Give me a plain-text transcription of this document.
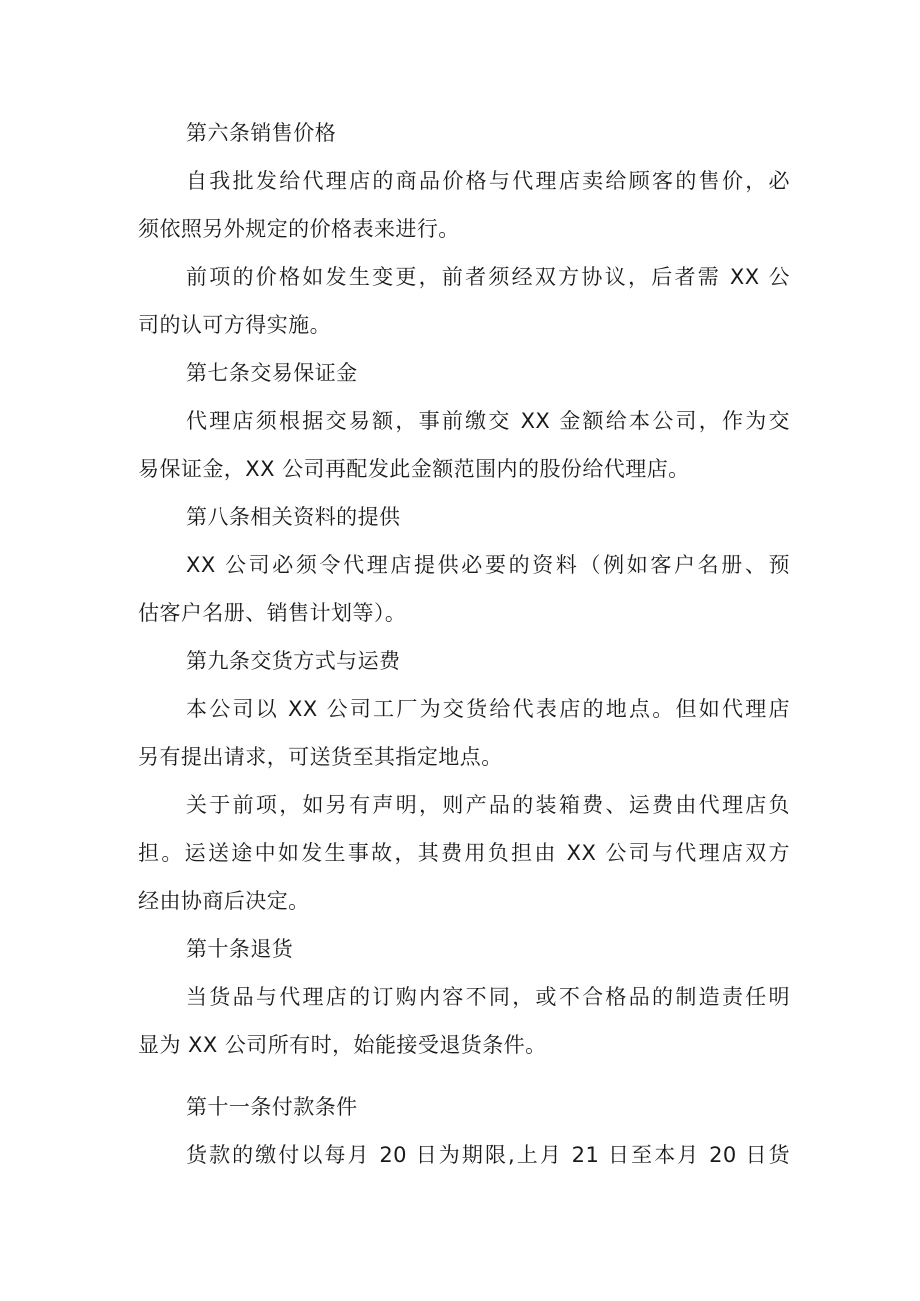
第六条销售价格
自我批发给代理店的商品价格与代理店卖给顾客的售价，必
须依照另外规定的价格表来进行。
前项的价格如发生变更，前者须经双方协议，后者需 XX 公
司的认可方得实施。
第七条交易保证金
代理店须根据交易额，事前缴交 XX 金额给本公司，作为交
易保证金，XX 公司再配发此金额范围内的股份给代理店。
第八条相关资料的提供
XX 公司必须令代理店提供必要的资料（例如客户名册、预
估客户名册、销售计划等）。
第九条交货方式与运费
本公司以 XX 公司工厂为交货给代表店的地点。但如代理店
另有提出请求，可送货至其指定地点。
关于前项，如另有声明，则产品的装箱费、运费由代理店负
担。运送途中如发生事故，其费用负担由 XX 公司与代理店双方
经由协商后决定。
第十条退货
当货品与代理店的订购内容不同，或不合格品的制造责任明
显为 XX 公司所有时，始能接受退货条件。
第十一条付款条件
货款的缴付以每月 20 日为期限,上月 21 日至本月 20 日货
